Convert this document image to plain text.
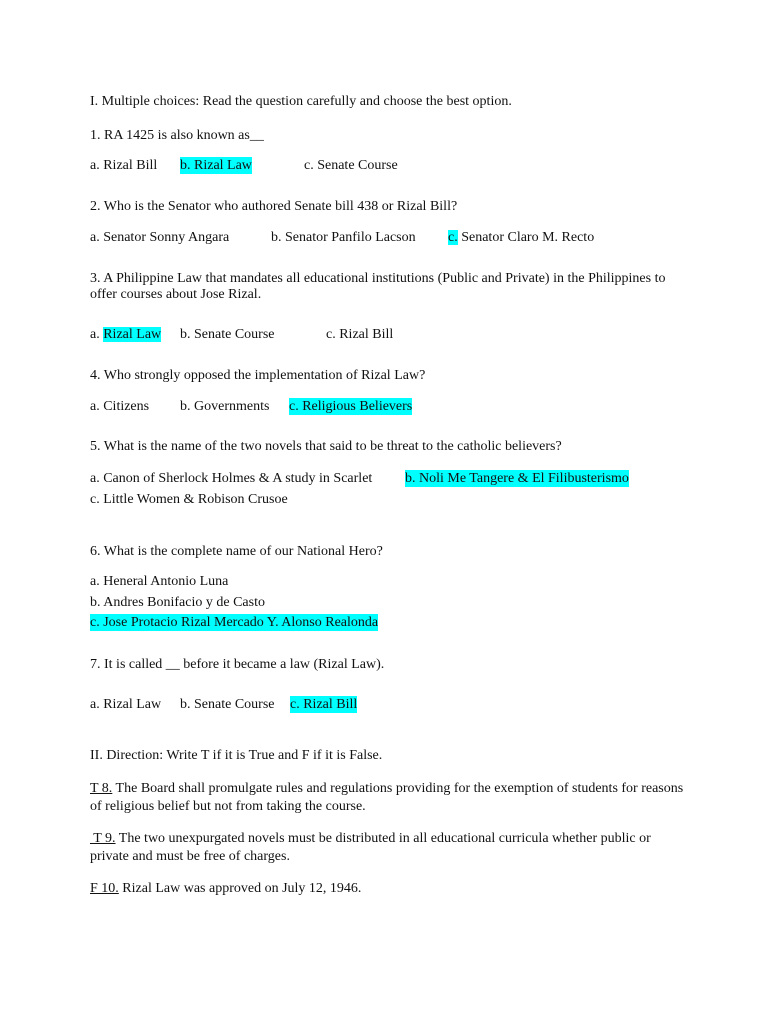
I. Multiple choices: Read the question carefully and choose the best option.
1. RA 1425 is also known as__
a. Rizal Bill b. Rizal Law	c. Senate Course
2. Who is the Senator who authored Senate bill 438 or Rizal Bill?
a. Senator Sonny Angara	b. Senator Panfilo Lacson c. Senator Claro M. Recto
3. A Philippine Law that mandates all educational institutions (Public and Private) in the Philippines to
offer courses about Jose Rizal.
a. Rizal Law b. Senate Course	c. Rizal Bill
4. Who strongly opposed the implementation of Rizal Law?
a. Citizens b. Governments c. Religious Believers
5. What is the name of the two novels that said to be threat to the catholic believers?
a. Canon of Sherlock Holmes & A study in Scarlet b. Noli Me Tangere & El Filibusterismo
c. Little Women & Robison Crusoe
6. What is the complete name of our National Hero?
a. Heneral Antonio Luna
b. Andres Bonifacio y de Casto
c. Jose Protacio Rizal Mercado Y. Alonso Realonda
7. It is called __ before it became a law (Rizal Law).
a. Rizal Law b. Senate Course c. Rizal Bill
II. Direction: Write T if it is True and F if it is False.
T 8. The Board shall promulgate rules and regulations providing for the exemption of students for reasons
of religious belief but not from taking the course.
T 9. The two unexpurgated novels must be distributed in all educational curricula whether public or
private and must be free of charges.
F 10. Rizal Law was approved on July 12, 1946.
